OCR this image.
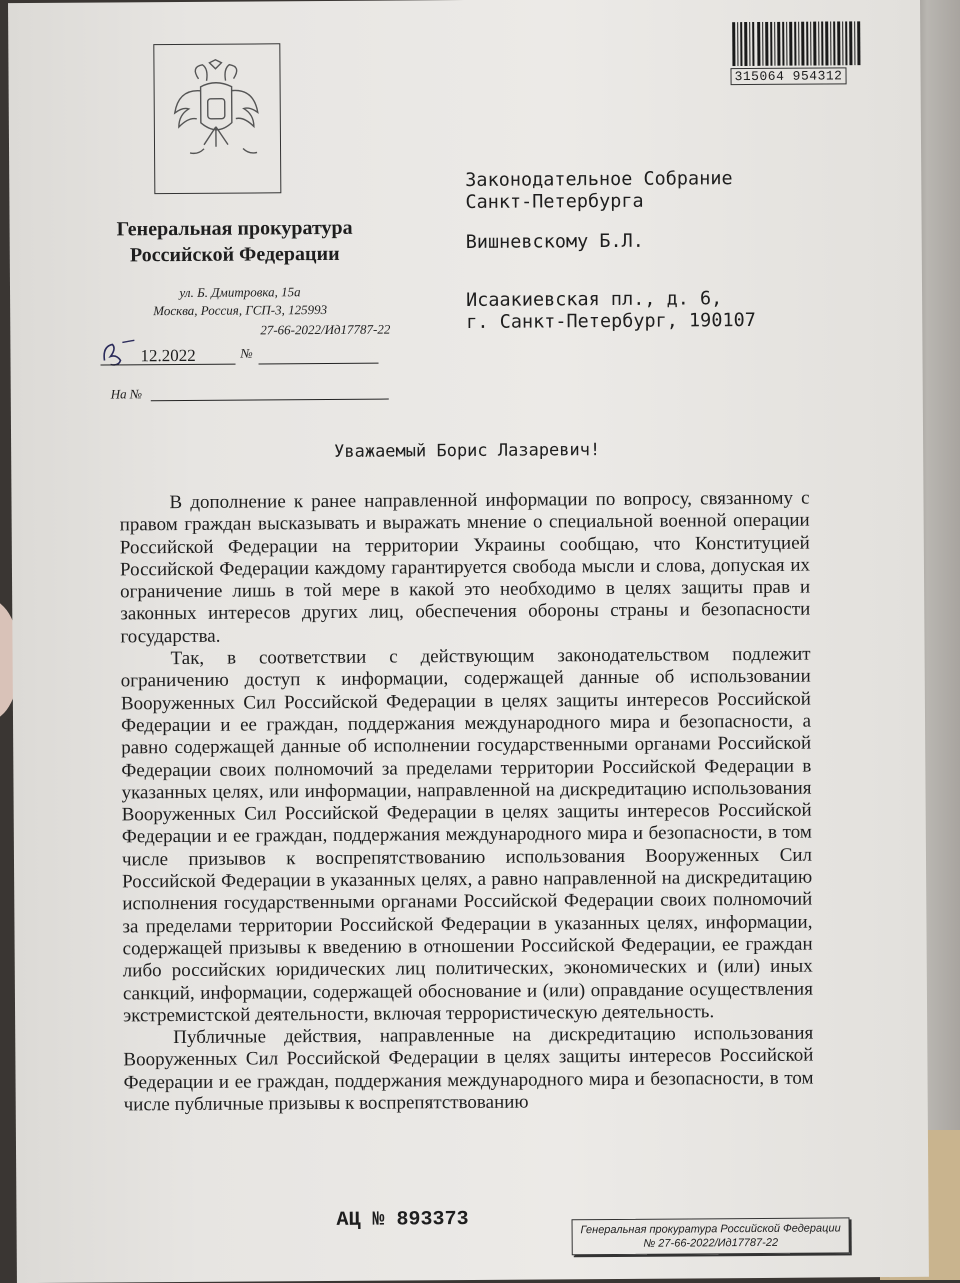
315064 954312
Генеральная прокуратура
Российской Федерации
ул. Б. Дмитровка, 15а
Москва, Россия, ГСП-3, 125993
27-66-2022/Ид17787-22
12.2022	№
На №
Законодательное Собрание
Санкт-Петербурга
Вишневскому Б.Л.
Исаакиевская пл., д. 6,
г. Санкт-Петербург, 190107
Уважаемый Борис Лазаревич!

В дополнение к ранее направленной информации по вопросу, связанному с правом граждан высказывать и выражать мнение о специальной военной операции Российской Федерации на территории Украины сообщаю, что Конституцией Российской Федерации каждому гарантируется свобода мысли и слова, допуская их ограничение лишь в той мере в какой это необходимо в целях защиты прав и законных интересов других лиц, обеспечения обороны страны и безопасности государства.

Так, в соответствии с действующим законодательством подлежит ограничению доступ к информации, содержащей данные об использовании Вооруженных Сил Российской Федерации в целях защиты интересов Российской Федерации и ее граждан, поддержания международного мира и безопасности, а равно содержащей данные об исполнении государственными органами Российской Федерации своих полномочий за пределами территории Российской Федерации в указанных целях, или информации, направленной на дискредитацию использования Вооруженных Сил Российской Федерации в целях защиты интересов Российской Федерации и ее граждан, поддержания международного мира и безопасности, в том числе призывов к воспрепятствованию использования Вооруженных Сил Российской Федерации в указанных целях, а равно направленной на дискредитацию исполнения государственными органами Российской Федерации своих полномочий за пределами территории Российской Федерации в указанных целях, информации, содержащей призывы к введению в отношении Российской Федерации, ее граждан либо российских юридических лиц политических, экономических и (или) иных санкций, информации, содержащей обоснование и (или) оправдание осуществления экстремистской деятельности, включая террористическую деятельность.

Публичные действия, направленные на дискредитацию использования Вооруженных Сил Российской Федерации в целях защиты интересов Российской Федерации и ее граждан, поддержания международного мира и безопасности, в том числе публичные призывы к воспрепятствованию

АЦ № 893373	Генеральная прокуратура Российской Федерации
№ 27-66-2022/Ид17787-22
